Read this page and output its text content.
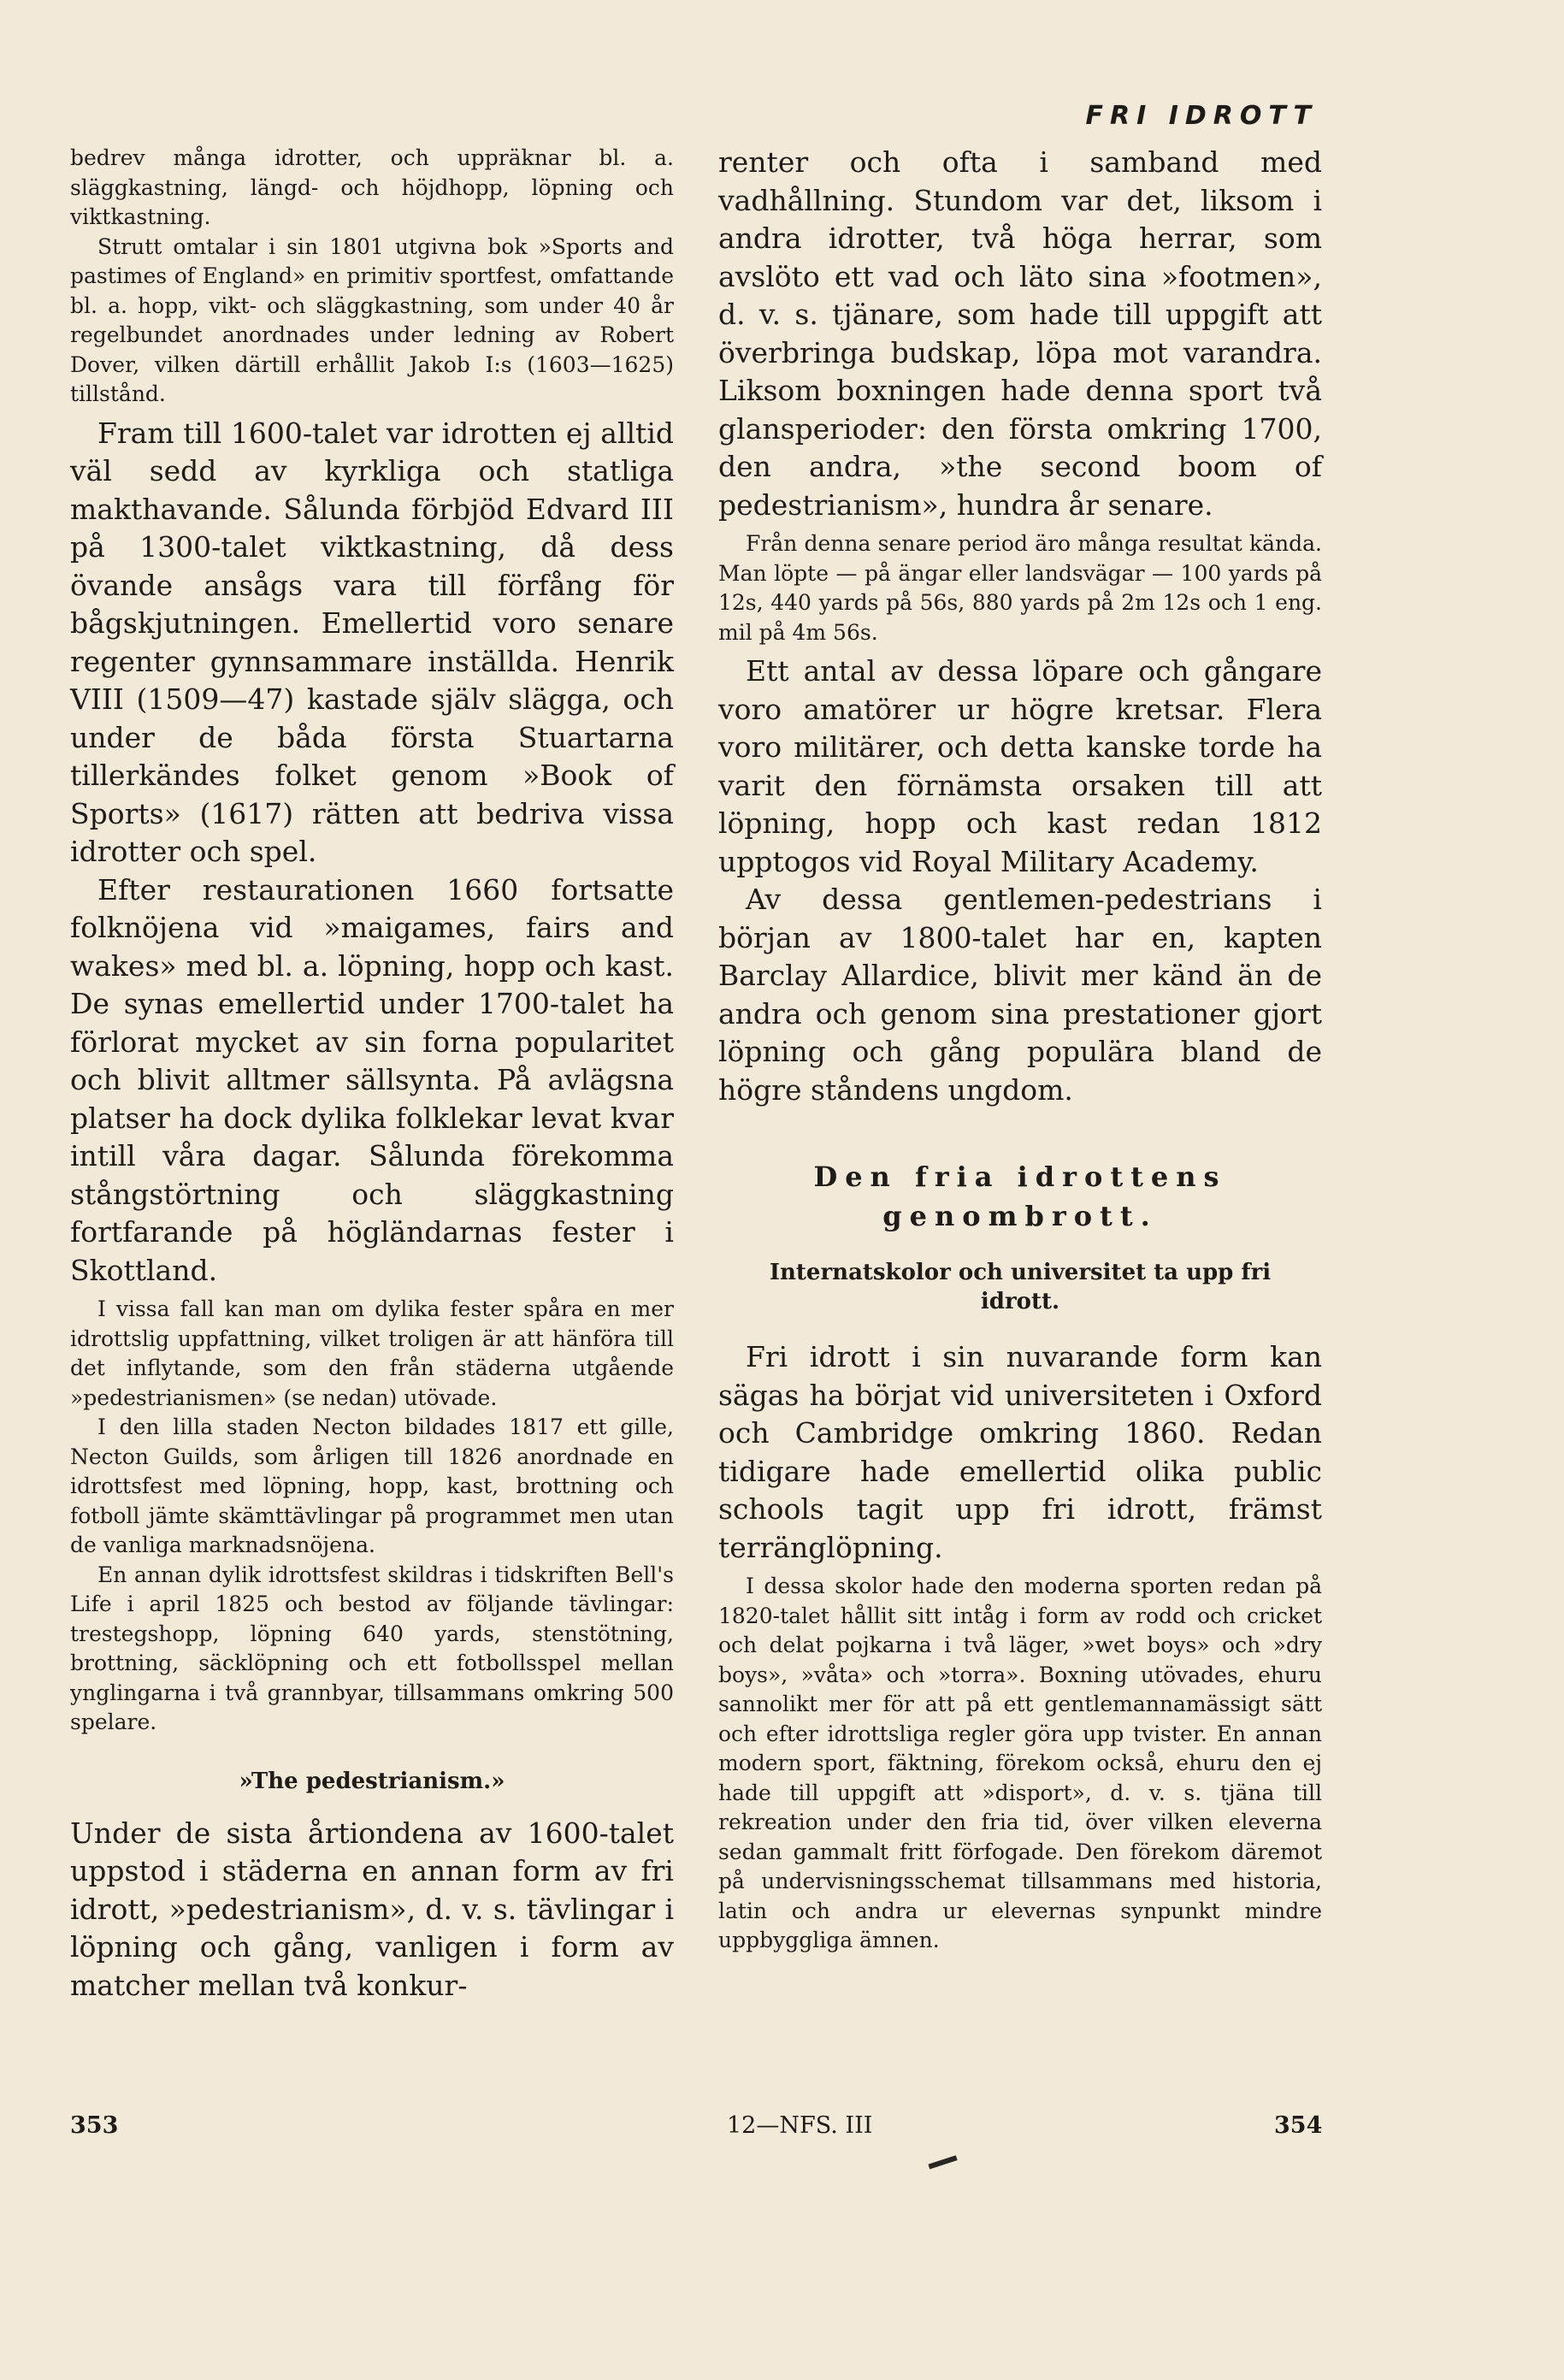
FRI IDROTT

bedrev många idrotter, och uppräknar bl. a. släggkastning, längd- och höjdhopp, löpning och viktkastning.

Strutt omtalar i sin 1801 utgivna bok »Sports and pastimes of England» en primitiv sportfest, omfattande bl. a. hopp, vikt- och släggkastning, som under 40 år regelbundet anordnades under ledning av Robert Dover, vilken därtill erhållit Jakob I:s (1603—1625) tillstånd.

Fram till 1600-talet var idrotten ej alltid väl sedd av kyrkliga och statliga makthavande. Sålunda förbjöd Edvard III på 1300-talet viktkastning, då dess övande ansågs vara till förfång för bågskjutningen. Emellertid voro senare regenter gynnsammare inställda. Henrik VIII (1509—47) kastade själv slägga, och under de båda första Stuartarna tillerkändes folket genom »Book of Sports» (1617) rätten att bedriva vissa idrotter och spel.

Efter restaurationen 1660 fortsatte folknöjena vid »maigames, fairs and wakes» med bl. a. löpning, hopp och kast. De synas emellertid under 1700-talet ha förlorat mycket av sin forna popularitet och blivit alltmer sällsynta. På avlägsna platser ha dock dylika folklekar levat kvar intill våra dagar. Sålunda förekomma stångstörtning och släggkastning fortfarande på högländarnas fester i Skottland.

I vissa fall kan man om dylika fester spåra en mer idrottslig uppfattning, vilket troligen är att hänföra till det inflytande, som den från städerna utgående »pedestrianismen» (se nedan) utövade.

I den lilla staden Necton bildades 1817 ett gille, Necton Guilds, som årligen till 1826 anordnade en idrottsfest med löpning, hopp, kast, brottning och fotboll jämte skämttävlingar på programmet men utan de vanliga marknadsnöjena.

En annan dylik idrottsfest skildras i tidskriften Bell's Life i april 1825 och bestod av följande tävlingar: trestegshopp, löpning 640 yards, stenstötning, brottning, säcklöpning och ett fotbollsspel mellan ynglingarna i två grannbyar, tillsammans omkring 500 spelare.

»The pedestrianism.»

Under de sista årtiondena av 1600-talet uppstod i städerna en annan form av fri idrott, »pedestrianism», d. v. s. tävlingar i löpning och gång, vanligen i form av matcher mellan två konkur-

renter och ofta i samband med vadhållning. Stundom var det, liksom i andra idrotter, två höga herrar, som avslöto ett vad och läto sina »footmen», d. v. s. tjänare, som hade till uppgift att överbringa budskap, löpa mot varandra. Liksom boxningen hade denna sport två glansperioder: den första omkring 1700, den andra, »the second boom of pedestrianism», hundra år senare.

Från denna senare period äro många resultat kända. Man löpte — på ängar eller landsvägar — 100 yards på 12s, 440 yards på 56s, 880 yards på 2m 12s och 1 eng. mil på 4m 56s.

Ett antal av dessa löpare och gångare voro amatörer ur högre kretsar. Flera voro militärer, och detta kanske torde ha varit den förnämsta orsaken till att löpning, hopp och kast redan 1812 upptogos vid Royal Military Academy.

Av dessa gentlemen-pedestrians i början av 1800-talet har en, kapten Barclay Allardice, blivit mer känd än de andra och genom sina prestationer gjort löpning och gång populära bland de högre ståndens ungdom.

Den fria idrottens genombrott.
Internatskolor och universitet ta upp fri idrott.

Fri idrott i sin nuvarande form kan sägas ha börjat vid universiteten i Oxford och Cambridge omkring 1860. Redan tidigare hade emellertid olika public schools tagit upp fri idrott, främst terränglöpning.

I dessa skolor hade den moderna sporten redan på 1820-talet hållit sitt intåg i form av rodd och cricket och delat pojkarna i två läger, »wet boys» och »dry boys», »våta» och »torra». Boxning utövades, ehuru sannolikt mer för att på ett gentlemannamässigt sätt och efter idrottsliga regler göra upp tvister. En annan modern sport, fäktning, förekom också, ehuru den ej hade till uppgift att »disport», d. v. s. tjäna till rekreation under den fria tid, över vilken eleverna sedan gammalt fritt förfogade. Den förekom däremot på undervisningsschemat tillsammans med historia, latin och andra ur elevernas synpunkt mindre uppbyggliga ämnen.

353	12—NFS. III	354
